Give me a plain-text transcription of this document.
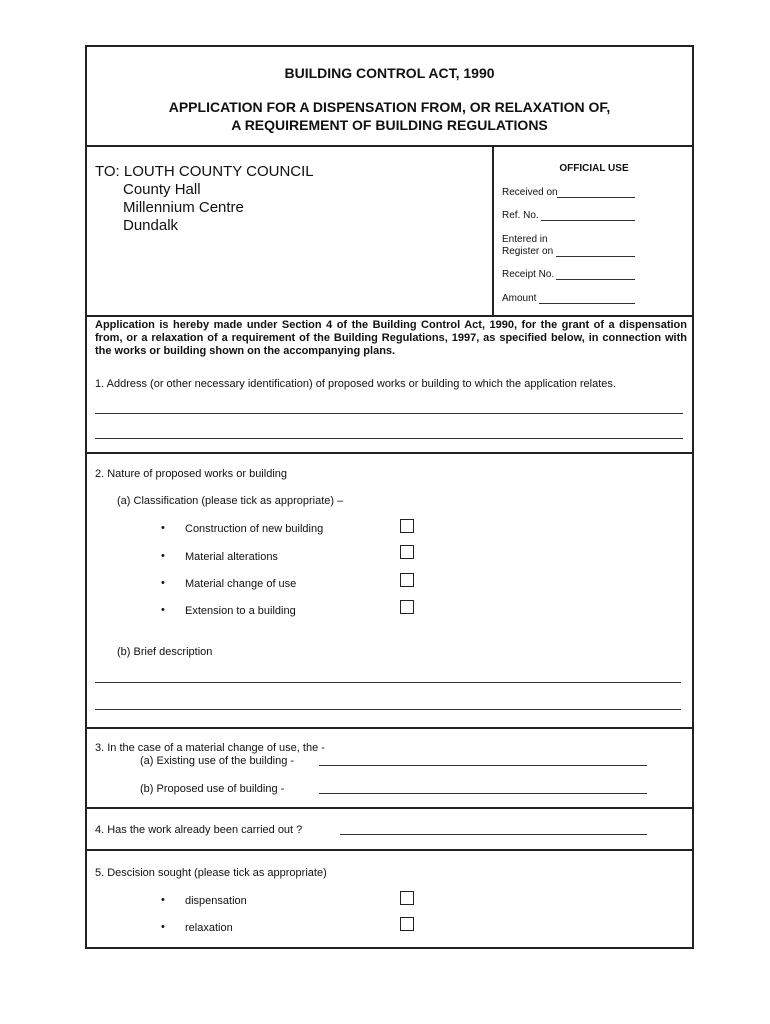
BUILDING CONTROL ACT, 1990
APPLICATION FOR A DISPENSATION FROM, OR RELAXATION OF,
A REQUIREMENT OF BUILDING REGULATIONS
TO: LOUTH COUNTY COUNCIL
County Hall
Millennium Centre
Dundalk
OFFICIAL USE
Received on
Ref. No.
Entered in
Register on
Receipt No.
Amount
Application is hereby made under Section 4 of the Building Control Act, 1990, for the grant of a dispensation from, or a relaxation of a requirement of the Building Regulations, 1997, as specified below, in connection with the works or building shown on the accompanying plans.
1. Address (or other necessary identification) of proposed works or building to which the application relates.
2. Nature of proposed works or building
(a) Classification (please tick as appropriate) –
• Construction of new building
• Material alterations
• Material change of use
• Extension to a building
(b) Brief description
3. In the case of a material change of use, the -
(a) Existing use of the building -
(b) Proposed use of building -
4. Has the work already been carried out ?
5. Descision sought (please tick as appropriate)
• dispensation
• relaxation
